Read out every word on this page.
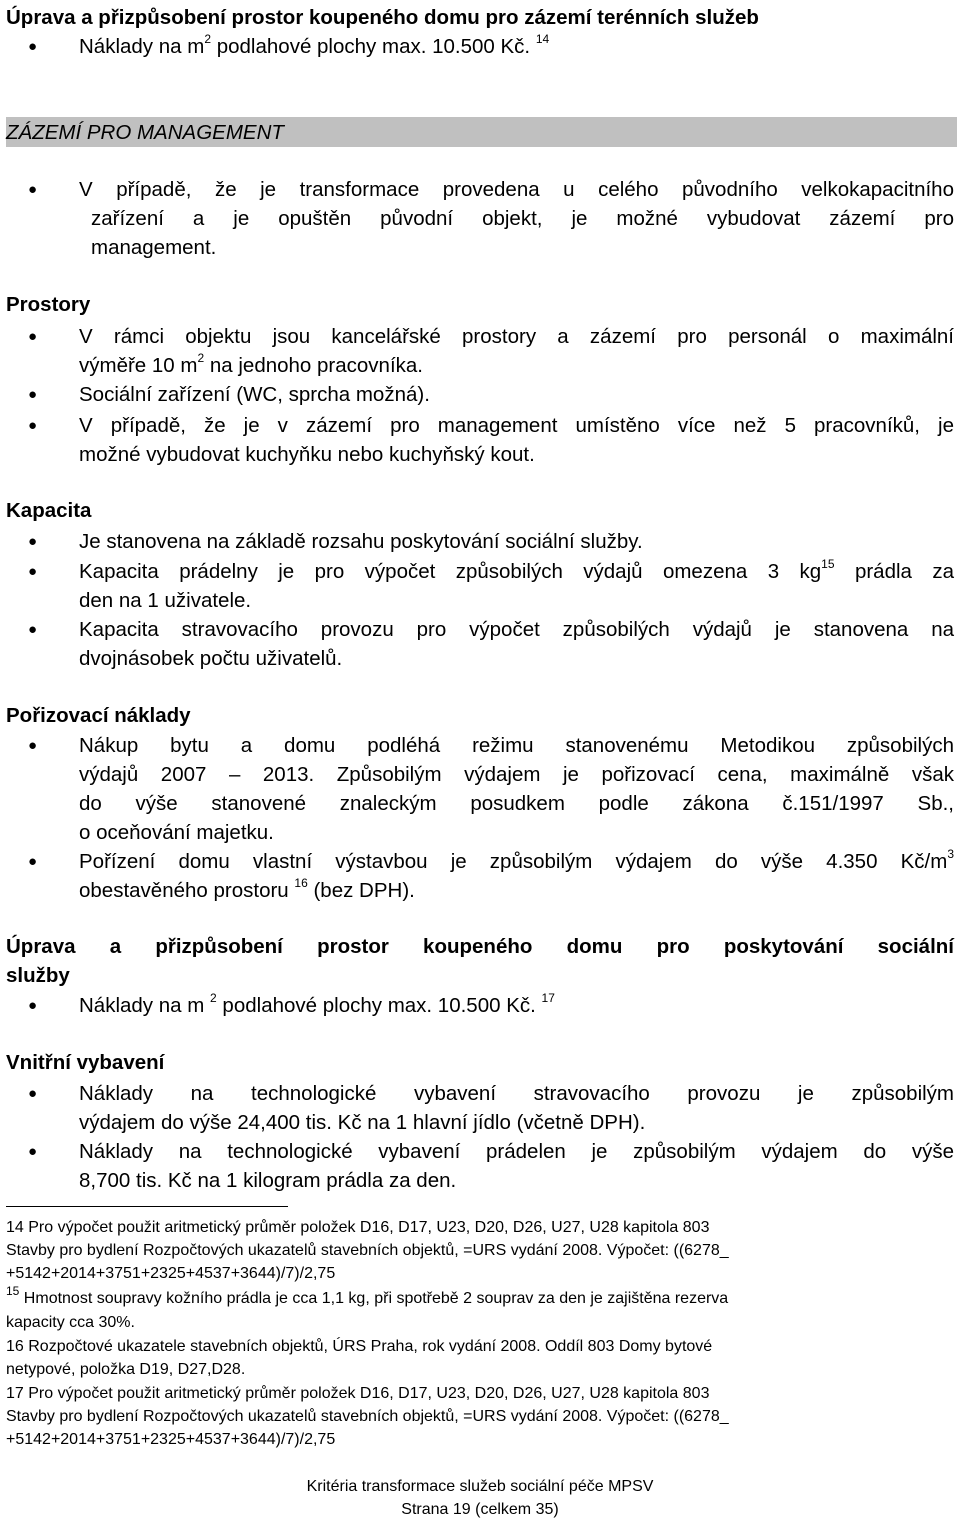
Úprava a přizpůsobení prostor koupeného domu pro zázemí terénních služeb
●	Náklady na $m^2$ podlahové plochy max. 10.500 Kč. $^{14}$
ZÁZEMÍ PRO MANAGEMENT
●	V případě, že je transformace provedena u celého původního velkokapacitního
zařízení a je opuštěn původní objekt, je možné vybudovat zázemí pro
management.
Prostory
●	V rámci objektu jsou kancelářské prostory a zázemí pro personál o maximální
výměře 10 $m^2$ na jednoho pracovníka.
●	Sociální zařízení (WC, sprcha možná).
●	V případě, že je v zázemí pro management umístěno více než 5 pracovníků, je
možné vybudovat kuchyňku nebo kuchyňský kout.
Kapacita
●	Je stanovena na základě rozsahu poskytování sociální služby.
●	Kapacita prádelny je pro výpočet způsobilých výdajů omezena 3 $kg^{15}$ prádla za
den na 1 uživatele.
●	Kapacita stravovacího provozu pro výpočet způsobilých výdajů je stanovena na
dvojnásobek počtu uživatelů.
Pořizovací náklady
●	Nákup bytu a domu podléhá režimu stanovenému Metodikou způsobilých
výdajů 2007 – 2013. Způsobilým výdajem je pořizovací cena, maximálně však
do výše stanovené znaleckým posudkem podle zákona č.151/1997 Sb.,
o oceňování majetku.
●	Pořízení domu vlastní výstavbou je způsobilým výdajem do výše 4.350 $Kč/m^3$
obestavěného prostoru $^{16}$ (bez DPH).
Úprava a přizpůsobení prostor koupeného domu pro poskytování sociální
služby
●	Náklady na m $^2$ podlahové plochy max. 10.500 Kč. $^{17}$
Vnitřní vybavení
●	Náklady na technologické vybavení stravovacího provozu je způsobilým
výdajem do výše 24,400 tis. Kč na 1 hlavní jídlo (včetně DPH).
●	Náklady na technologické vybavení prádelen je způsobilým výdajem do výše
8,700 tis. Kč na 1 kilogram prádla za den.
14 Pro výpočet použit aritmetický průměr položek D16, D17, U23, D20, D26, U27, U28 kapitola 803
Stavby pro bydlení Rozpočtových ukazatelů stavebních objektů, =URS vydání 2008. Výpočet: ((6278_
+5142+2014+3751+2325+4537+3644)/7)/2,75
$^{15}$ Hmotnost soupravy kožního prádla je cca 1,1 kg, při spotřebě 2 souprav za den je zajištěna rezerva
kapacity cca 30%.
16 Rozpočtové ukazatele stavebních objektů, ÚRS Praha, rok vydání 2008. Oddíl 803 Domy bytové
netypové, položka D19, D27,D28.
17 Pro výpočet použit aritmetický průměr položek D16, D17, U23, D20, D26, U27, U28 kapitola 803
Stavby pro bydlení Rozpočtových ukazatelů stavebních objektů, =URS vydání 2008. Výpočet: ((6278_
+5142+2014+3751+2325+4537+3644)/7)/2,75
Kritéria transformace služeb sociální péče MPSV
Strana 19 (celkem 35)
